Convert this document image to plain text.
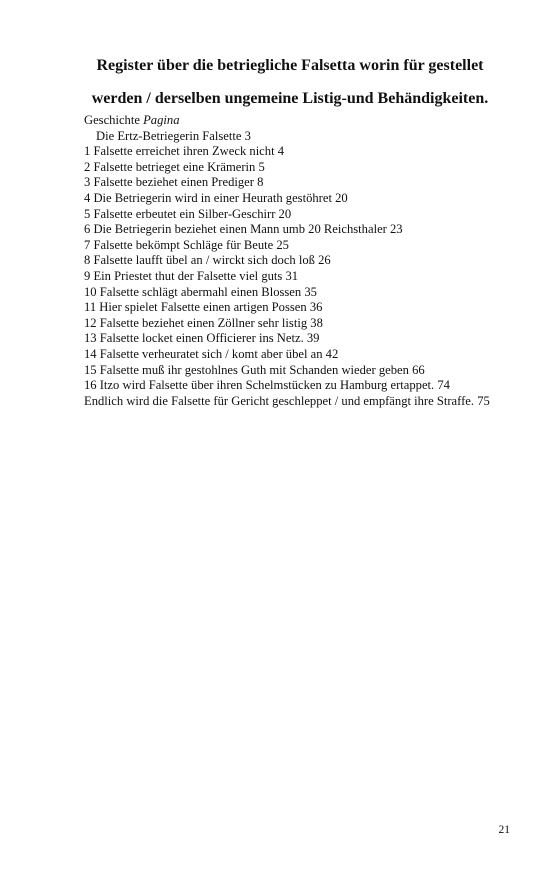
Register über die betriegliche Falsetta worin für gestellet
werden / derselben ungemeine Listig-und Behändigkeiten.
Geschichte Pagina
Die Ertz-Betriegerin Falsette 3
1 Falsette erreichet ihren Zweck nicht 4
2 Falsette betrieget eine Krämerin 5
3 Falsette beziehet einen Prediger 8
4 Die Betriegerin wird in einer Heurath gestöhret 20
5 Falsette erbeutet ein Silber-Geschirr 20
6 Die Betriegerin beziehet einen Mann umb 20 Reichsthaler 23
7 Falsette bekömpt Schläge für Beute 25
8 Falsette laufft übel an / wirckt sich doch loß 26
9 Ein Priestet thut der Falsette viel guts 31
10 Falsette schlägt abermahl einen Blossen 35
11 Hier spielet Falsette einen artigen Possen 36
12 Falsette beziehet einen Zöllner sehr listig 38
13 Falsette locket einen Officierer ins Netz. 39
14 Falsette verheuratet sich / komt aber übel an 42
15 Falsette muß ihr gestohlnes Guth mit Schanden wieder geben 66
16 Itzo wird Falsette über ihren Schelmstücken zu Hamburg ertappet. 74
Endlich wird die Falsette für Gericht geschleppet / und empfängt ihre Straffe. 75
21
